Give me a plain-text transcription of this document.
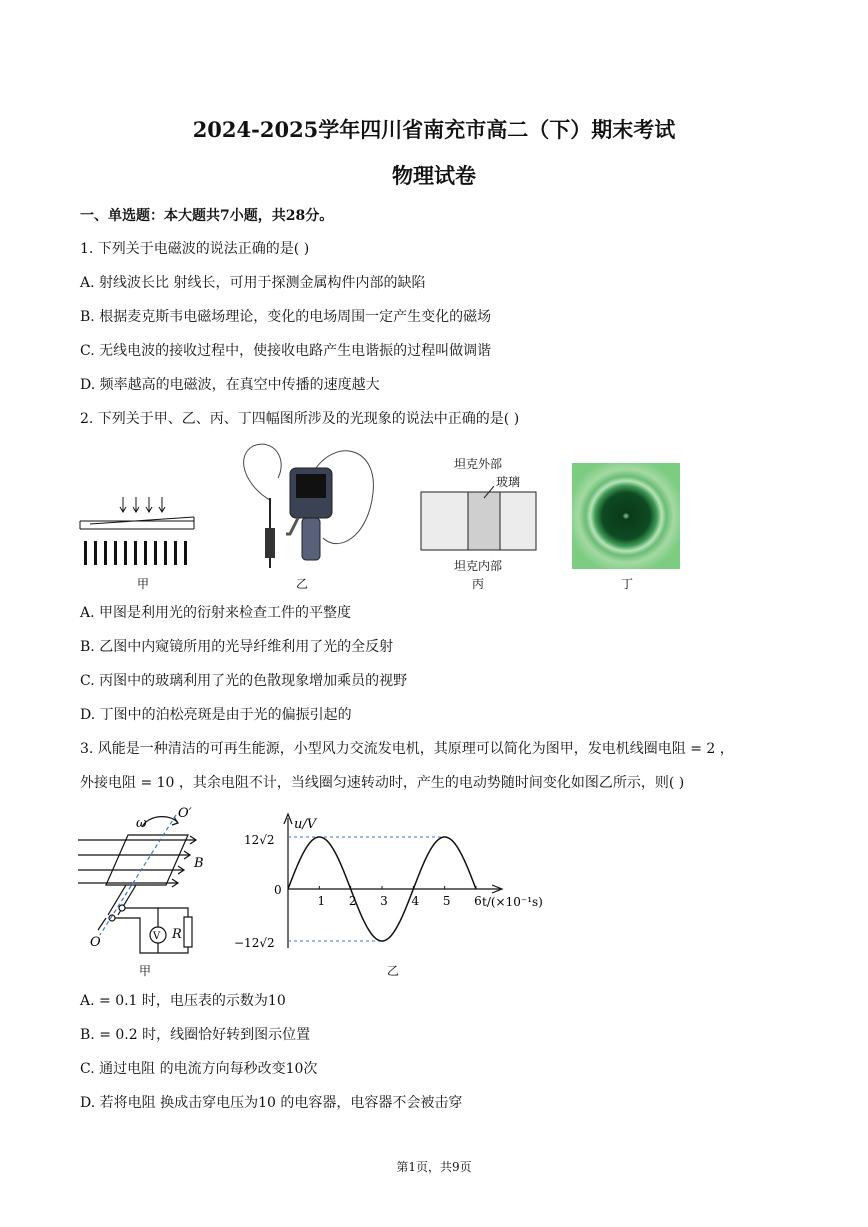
2024-2025学年四川省南充市高二（下）期末考试
物理试卷
一、单选题：本大题共7小题，共28分。
1. 下列关于电磁波的说法正确的是( )
A. 射线波长比 射线长，可用于探测金属构件内部的缺陷
B. 根据麦克斯韦电磁场理论，变化的电场周围一定产生变化的磁场
C. 无线电波的接收过程中，使接收电路产生电谐振的过程叫做调谐
D. 频率越高的电磁波，在真空中传播的速度越大
2. 下列关于甲、乙、丙、丁四幅图所涉及的光现象的说法中正确的是( )
甲	乙
坦克外部
玻璃
坦克内部
丙	丁
A. 甲图是利用光的衍射来检查工件的平整度
B. 乙图中内窥镜所用的光导纤维利用了光的全反射
C. 丙图中的玻璃利用了光的色散现象增加乘员的视野
D. 丁图中的泊松亮斑是由于光的偏振引起的
3. 风能是一种清洁的可再生能源，小型风力交流发电机，其原理可以简化为图甲，发电机线圈电阻 = 2 ，
外接电阻 = 10 ，其余电阻不计，当线圈匀速转动时，产生的电动势随时间变化如图乙所示，则( )
ω
O′
B
O	V R
甲
1 2 3 4 5 6
u/V
t/(×10⁻¹s)
12√2
−12√2
0
乙
A. = 0.1 时，电压表的示数为10
B. = 0.2 时，线圈恰好转到图示位置
C. 通过电阻 的电流方向每秒改变10次
D. 若将电阻 换成击穿电压为10 的电容器，电容器不会被击穿
第1页，共9页
